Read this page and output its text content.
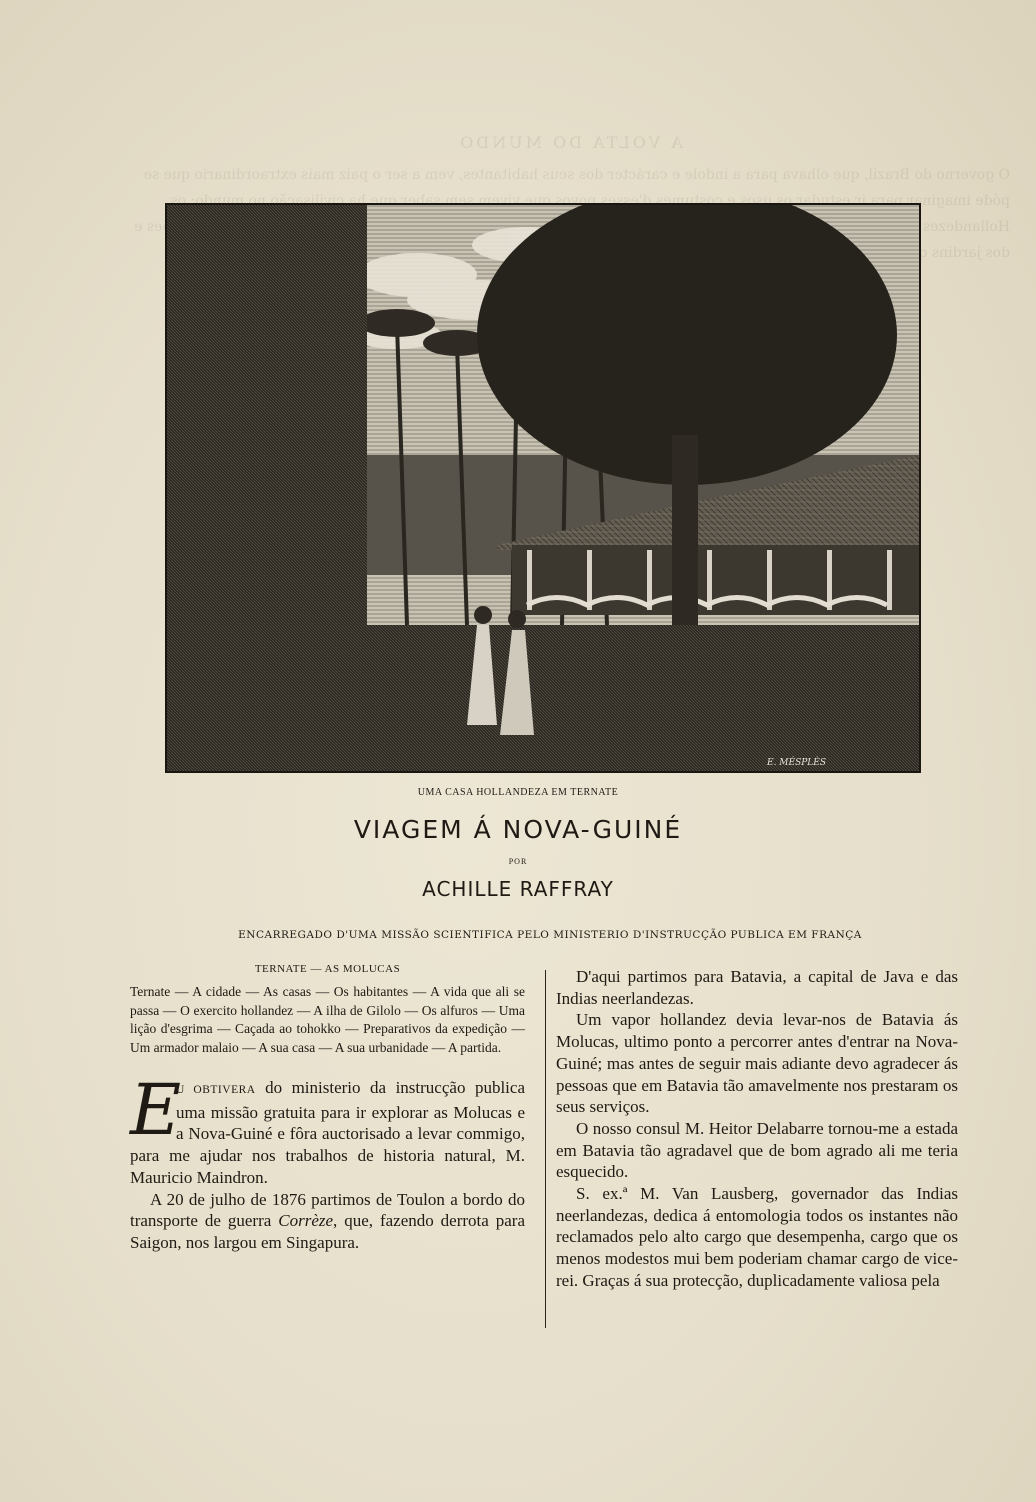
A VOLTA DO MUNDO
O governo do Brazil, que olhava para a indole e carácter dos seus habitantes, vem a ser o paiz mais extraordinario que se póde imaginar para ir estudar os usos e costumes d'esses povos que vivem sem saber que ha civilisação no mundo; os Hollandezes e dos jardins
E. MÉSPLÈS
UMA CASA HOLLANDEZA EM TERNATE
VIAGEM Á NOVA-GUINÉ
POR
ACHILLE RAFFRAY
ENCARREGADO D'UMA MISSÃO SCIENTIFICA PELO MINISTERIO D'INSTRUCÇÃO PUBLICA EM FRANÇA
TERNATE — AS MOLUCAS

Ternate — A cidade — As casas — Os habitantes — A vida que ali se passa — O exercito hollandez — A ilha de Gilolo — Os alfuros — Uma lição d'esgrima — Caçada ao tohokko — Preparativos da expedição — Um armador malaio — A sua casa — A sua urbanidade — A partida.

E
U OBTIVERA do ministerio da instrucção publica uma missão gratuita para ir explorar as Molucas e a Nova-Guiné e fôra auctorisado a levar commigo, para me ajudar nos trabalhos de historia natural, M. Mauricio Maindron.

A 20 de julho de 1876 partimos de Toulon a bordo do transporte de guerra Corrèze, que, fazendo derrota para Saigon, nos largou em Singapura.

D'aqui partimos para Batavia, a capital de Java e das Indias neerlandezas.

Um vapor hollandez devia levar-nos de Batavia ás Molucas, ultimo ponto a percorrer antes d'entrar na Nova-Guiné; mas antes de seguir mais adiante devo agradecer ás pessoas que em Batavia tão amavelmente nos prestaram os seus serviços.

O nosso consul M. Heitor Delabarre tornou-me a estada em Batavia tão agradavel que de bom agrado ali me teria esquecido.

S. ex.ª M. Van Lausberg, governador das Indias neerlandezas, dedica á entomologia todos os instantes não reclamados pelo alto cargo que desempenha, cargo que os menos modestos mui bem poderiam chamar cargo de vice-rei. Graças á sua protecção, duplicadamente valiosa pela
